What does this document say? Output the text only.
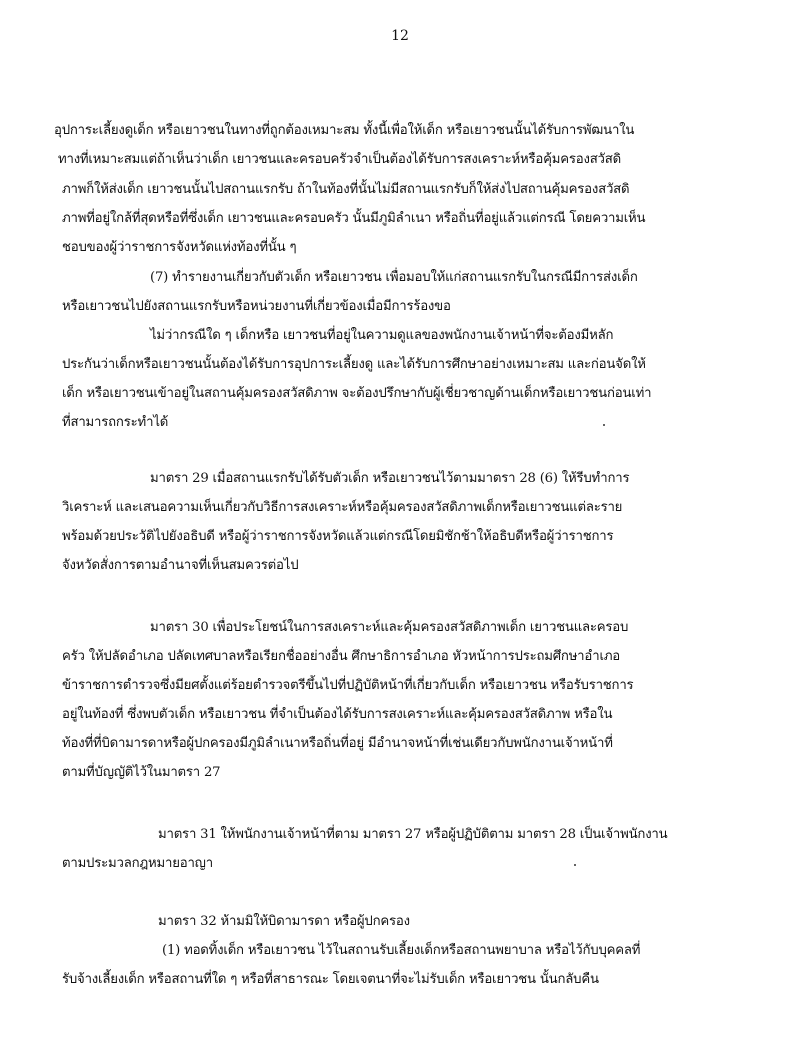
12
อุปการะเลี้ยงดูเด็ก หรือเยาวชนในทางที่ถูกต้องเหมาะสม ทั้งนี้เพื่อให้เด็ก หรือเยาวชนนั้นได้รับการพัฒนาใน
ทางที่เหมาะสมแต่ถ้าเห็นว่าเด็ก เยาวชนและครอบครัวจำเป็นต้องได้รับการสงเคราะห์หรือคุ้มครองสวัสดิ
ภาพก็ให้ส่งเด็ก เยาวชนนั้นไปสถานแรกรับ ถ้าในท้องที่นั้นไม่มีสถานแรกรับก็ให้ส่งไปสถานคุ้มครองสวัสดิ
ภาพที่อยู่ใกล้ที่สุดหรือที่ซึ่งเด็ก เยาวชนและครอบครัว นั้นมีภูมิลำเนา หรือถิ่นที่อยู่แล้วแต่กรณี โดยความเห็น
ชอบของผู้ว่าราชการจังหวัดแห่งท้องที่นั้น ๆ
(7) ทำรายงานเกี่ยวกับตัวเด็ก หรือเยาวชน เพื่อมอบให้แก่สถานแรกรับในกรณีมีการส่งเด็ก
หรือเยาวชนไปยังสถานแรกรับหรือหน่วยงานที่เกี่ยวข้องเมื่อมีการร้องขอ
ไม่ว่ากรณีใด ๆ เด็กหรือ เยาวชนที่อยู่ในความดูแลของพนักงานเจ้าหน้าที่จะต้องมีหลัก
ประกันว่าเด็กหรือเยาวชนนั้นต้องได้รับการอุปการะเลี้ยงดู และได้รับการศึกษาอย่างเหมาะสม และก่อนจัดให้
เด็ก หรือเยาวชนเข้าอยู่ในสถานคุ้มครองสวัสดิภาพ จะต้องปรึกษากับผู้เชี่ยวชาญด้านเด็กหรือเยาวชนก่อนเท่า
ที่สามารถกระทำได้
มาตรา 29 เมื่อสถานแรกรับได้รับตัวเด็ก หรือเยาวชนไว้ตามมาตรา 28 (6) ให้รีบทำการ
วิเคราะห์ และเสนอความเห็นเกี่ยวกับวิธีการสงเคราะห์หรือคุ้มครองสวัสดิภาพเด็กหรือเยาวชนแต่ละราย
พร้อมด้วยประวัติไปยังอธิบดี หรือผู้ว่าราชการจังหวัดแล้วแต่กรณีโดยมิชักช้าให้อธิบดีหรือผู้ว่าราชการ
จังหวัดสั่งการตามอำนาจที่เห็นสมควรต่อไป
มาตรา 30 เพื่อประโยชน์ในการสงเคราะห์และคุ้มครองสวัสดิภาพเด็ก เยาวชนและครอบ
ครัว ให้ปลัดอำเภอ ปลัดเทศบาลหรือเรียกชื่ออย่างอื่น ศึกษาธิการอำเภอ หัวหน้าการประถมศึกษาอำเภอ
ข้าราชการตำรวจซึ่งมียศตั้งแต่ร้อยตำรวจตรีขึ้นไปที่ปฏิบัติหน้าที่เกี่ยวกับเด็ก หรือเยาวชน หรือรับราชการ
อยู่ในท้องที่ ซึ่งพบตัวเด็ก หรือเยาวชน ที่จำเป็นต้องได้รับการสงเคราะห์และคุ้มครองสวัสดิภาพ หรือใน
ท้องที่ที่บิดามารดาหรือผู้ปกครองมีภูมิลำเนาหรือถิ่นที่อยู่ มีอำนาจหน้าที่เช่นเดียวกับพนักงานเจ้าหน้าที่
ตามที่บัญญัติไว้ในมาตรา 27
มาตรา 31 ให้พนักงานเจ้าหน้าที่ตาม มาตรา 27 หรือผู้ปฏิบัติตาม มาตรา 28 เป็นเจ้าพนักงาน
ตามประมวลกฎหมายอาญา
มาตรา 32 ห้ามมิให้บิดามารดา หรือผู้ปกครอง
(1) ทอดทิ้งเด็ก หรือเยาวชน ไว้ในสถานรับเลี้ยงเด็กหรือสถานพยาบาล หรือไว้กับบุคคลที่
รับจ้างเลี้ยงเด็ก หรือสถานที่ใด ๆ หรือที่สาธารณะ โดยเจตนาที่จะไม่รับเด็ก หรือเยาวชน นั้นกลับคืน
